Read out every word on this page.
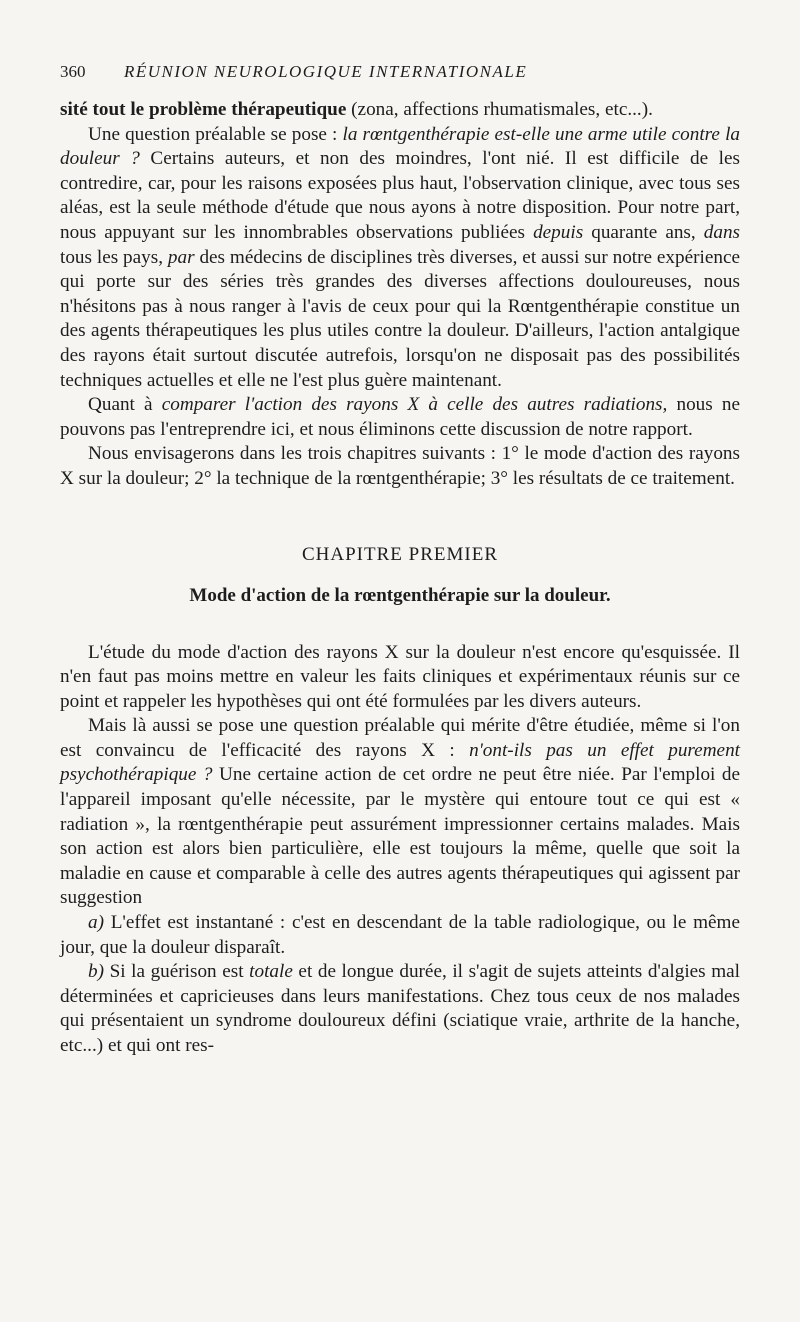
360	RÉUNION NEUROLOGIQUE INTERNATIONALE

sité tout le problème thérapeutique (zona, affections rhumatismales, etc...).

Une question préalable se pose : la rœntgenthérapie est-elle une arme utile contre la douleur ? Certains auteurs, et non des moindres, l'ont nié. Il est difficile de les contredire, car, pour les raisons exposées plus haut, l'observation clinique, avec tous ses aléas, est la seule méthode d'étude que nous ayons à notre disposition. Pour notre part, nous appuyant sur les innombrables observations publiées depuis quarante ans, dans tous les pays, par des médecins de disciplines très diverses, et aussi sur notre expérience qui porte sur des séries très grandes des diverses affections douloureuses, nous n'hésitons pas à nous ranger à l'avis de ceux pour qui la Rœntgenthérapie constitue un des agents thérapeutiques les plus utiles contre la douleur. D'ailleurs, l'action antalgique des rayons était surtout discutée autrefois, lorsqu'on ne disposait pas des possibilités techniques actuelles et elle ne l'est plus guère maintenant.

Quant à comparer l'action des rayons X à celle des autres radiations, nous ne pouvons pas l'entreprendre ici, et nous éliminons cette discussion de notre rapport.

Nous envisagerons dans les trois chapitres suivants : 1° le mode d'action des rayons X sur la douleur; 2° la technique de la rœntgenthérapie; 3° les résultats de ce traitement.

CHAPITRE PREMIER
Mode d'action de la rœntgenthérapie sur la douleur.

L'étude du mode d'action des rayons X sur la douleur n'est encore qu'esquissée. Il n'en faut pas moins mettre en valeur les faits cliniques et expérimentaux réunis sur ce point et rappeler les hypothèses qui ont été formulées par les divers auteurs.

Mais là aussi se pose une question préalable qui mérite d'être étudiée, même si l'on est convaincu de l'efficacité des rayons X : n'ont-ils pas un effet purement psychothérapique ? Une certaine action de cet ordre ne peut être niée. Par l'emploi de l'appareil imposant qu'elle nécessite, par le mystère qui entoure tout ce qui est « radiation », la rœntgenthérapie peut assurément impressionner certains malades. Mais son action est alors bien particulière, elle est toujours la même, quelle que soit la maladie en cause et comparable à celle des autres agents thérapeutiques qui agissent par suggestion

a) L'effet est instantané : c'est en descendant de la table radiologique, ou le même jour, que la douleur disparaît.

b) Si la guérison est totale et de longue durée, il s'agit de sujets atteints d'algies mal déterminées et capricieuses dans leurs manifestations. Chez tous ceux de nos malades qui présentaient un syndrome douloureux défini (sciatique vraie, arthrite de la hanche, etc...) et qui ont res-
